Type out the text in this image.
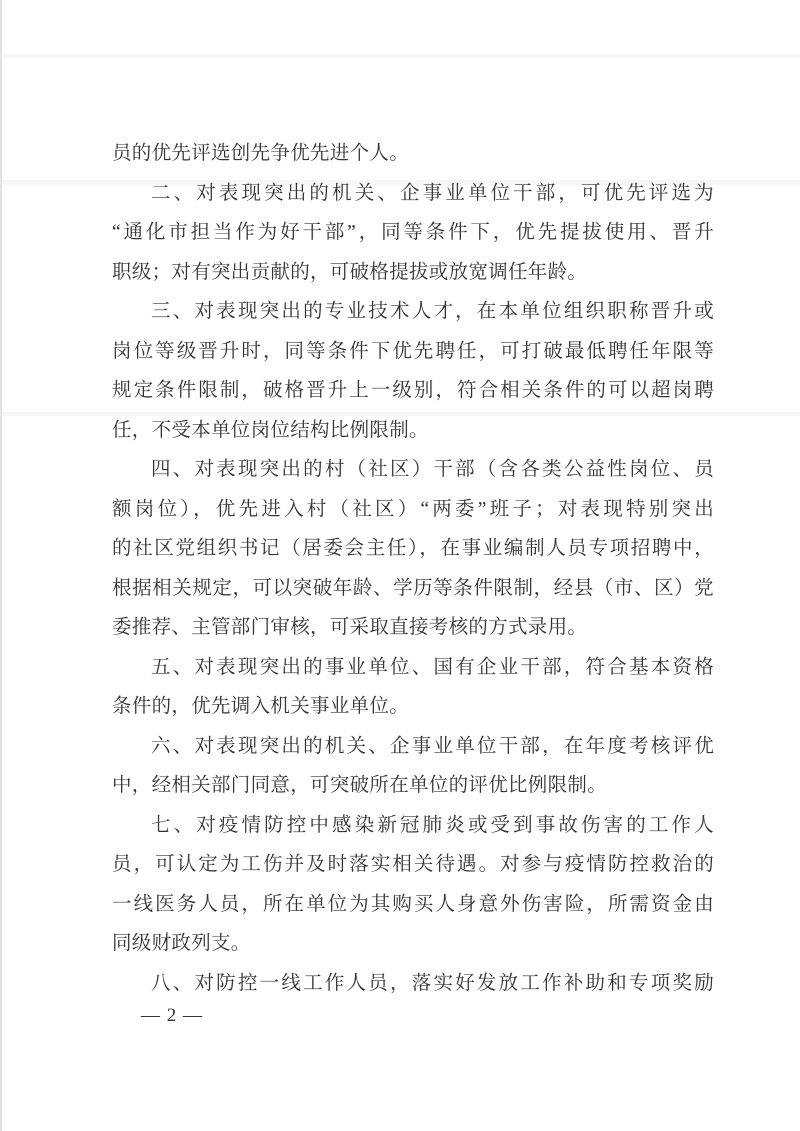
员的优先评选创先争优先进个人。
二、对表现突出的机关、企事业单位干部，可优先评选为
“通化市担当作为好干部”，同等条件下，优先提拔使用、晋升
职级；对有突出贡献的，可破格提拔或放宽调任年龄。
三、对表现突出的专业技术人才，在本单位组织职称晋升或
岗位等级晋升时，同等条件下优先聘任，可打破最低聘任年限等
规定条件限制，破格晋升上一级别，符合相关条件的可以超岗聘
任，不受本单位岗位结构比例限制。
四、对表现突出的村（社区）干部（含各类公益性岗位、员
额岗位），优先进入村（社区）“两委”班子；对表现特别突出
的社区党组织书记（居委会主任），在事业编制人员专项招聘中，
根据相关规定，可以突破年龄、学历等条件限制，经县（市、区）党
委推荐、主管部门审核，可采取直接考核的方式录用。
五、对表现突出的事业单位、国有企业干部，符合基本资格
条件的，优先调入机关事业单位。
六、对表现突出的机关、企事业单位干部，在年度考核评优
中，经相关部门同意，可突破所在单位的评优比例限制。
七、对疫情防控中感染新冠肺炎或受到事故伤害的工作人
员，可认定为工伤并及时落实相关待遇。对参与疫情防控救治的
一线医务人员，所在单位为其购买人身意外伤害险，所需资金由
同级财政列支。
八、对防控一线工作人员，落实好发放工作补助和专项奖励
— 2 —
